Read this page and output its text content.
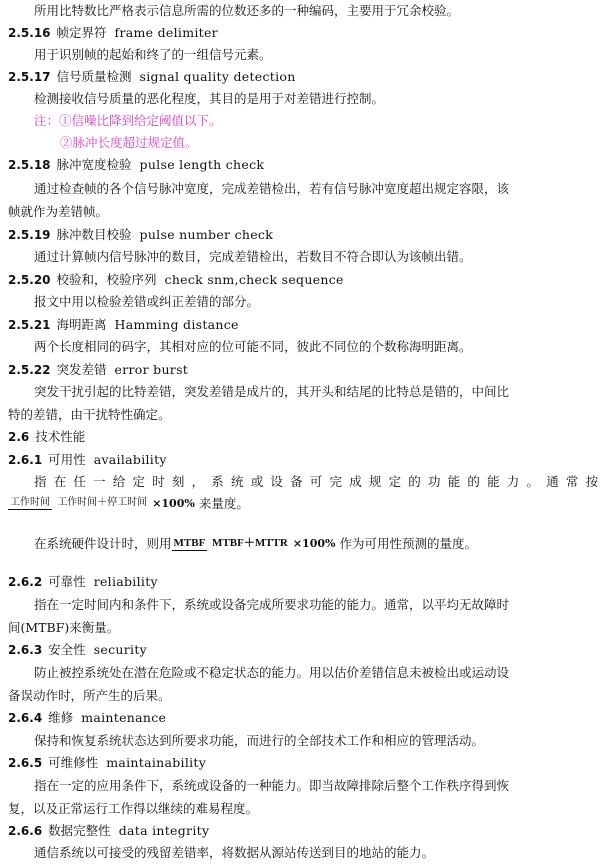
所用比特数比严格表示信息所需的位数还多的一种编码，主要用于冗余校验。
2.5.16 帧定界符 frame delimiter
用于识别帧的起始和终了的一组信号元素。
2.5.17 信号质量检测 signal quality detection
检测接收信号质量的恶化程度，其目的是用于对差错进行控制。
注：①信噪比降到给定阈值以下。
②脉冲长度超过规定值。
2.5.18 脉冲宽度检验 pulse length check
通过检查帧的各个信号脉冲宽度，完成差错检出，若有信号脉冲宽度超出规定容限，该
帧就作为差错帧。
2.5.19 脉冲数目校验 pulse number check
通过计算帧内信号脉冲的数目，完成差错检出，若数目不符合即认为该帧出错。
2.5.20 校验和，校验序列 check snm,check sequence
报文中用以检验差错或纠正差错的部分。
2.5.21 海明距离 Hamming distance
两个长度相同的码字，其相对应的位可能不同，彼此不同位的个数称海明距离。
2.5.22 突发差错 error burst
突发干扰引起的比特差错，突发差错是成片的，其开头和结尾的比特总是错的，中间比
特的差错，由干扰特性确定。
2.6 技术性能
2.6.1 可用性 availability
指在任一给定时刻，系统或设备可完成规定的功能的能力。通常按
工作时间 工作时间＋停工时间 ×100% 来量度。
在系统硬件设计时，则用 MTBF MTBF＋MTTR ×100% 作为可用性预测的量度。
2.6.2 可靠性 reliability
指在一定时间内和条件下，系统或设备完成所要求功能的能力。通常，以平均无故障时
间(MTBF)来衡量。
2.6.3 安全性 security
防止被控系统处在潜在危险或不稳定状态的能力。用以估价差错信息未被检出或运动设
备误动作时，所产生的后果。
2.6.4 维修 maintenance
保持和恢复系统状态达到所要求功能，而进行的全部技术工作和相应的管理活动。
2.6.5 可维修性 maintainability
指在一定的应用条件下，系统或设备的一种能力。即当故障排除后整个工作秩序得到恢
复，以及正常运行工作得以继续的难易程度。
2.6.6 数据完整性 data integrity
通信系统以可接受的残留差错率，将数据从源站传送到目的地站的能力。
